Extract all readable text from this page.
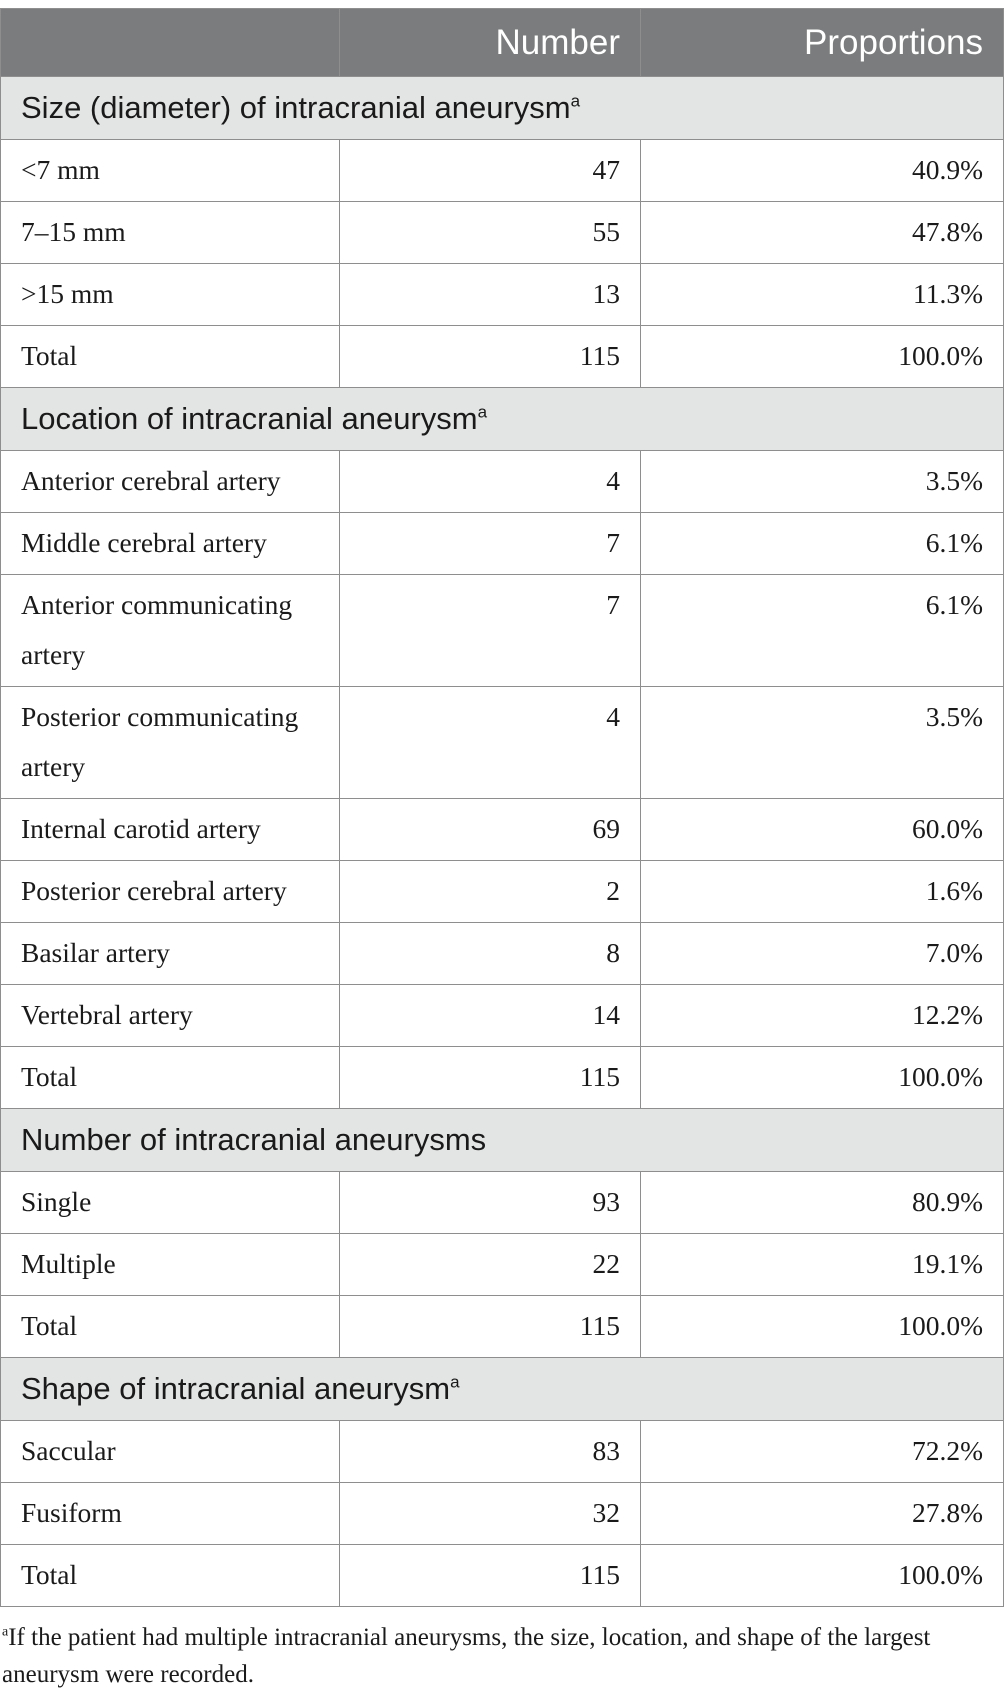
	Number	Proportions
Size (diameter) of intracranial aneurysm$^a$
<7 mm	47	40.9%
7–15 mm	55	47.8%
>15 mm	13	11.3%
Total	115	100.0%
Location of intracranial aneurysm$^a$
Anterior cerebral artery	4	3.5%
Middle cerebral artery	7	6.1%
Anterior communicating artery	7	6.1%
Posterior communicating artery	4	3.5%
Internal carotid artery	69	60.0%
Posterior cerebral artery	2	1.6%
Basilar artery	8	7.0%
Vertebral artery	14	12.2%
Total	115	100.0%
Number of intracranial aneurysms		
Single	93	80.9%
Multiple	22	19.1%
Total	115	100.0%
Shape of intracranial aneurysm$^a$
Saccular	83	72.2%
Fusiform	32	27.8%
Total	115	100.0%
$^a$If the patient had multiple intracranial aneurysms, the size, location, and shape of the largest aneurysm were recorded.
